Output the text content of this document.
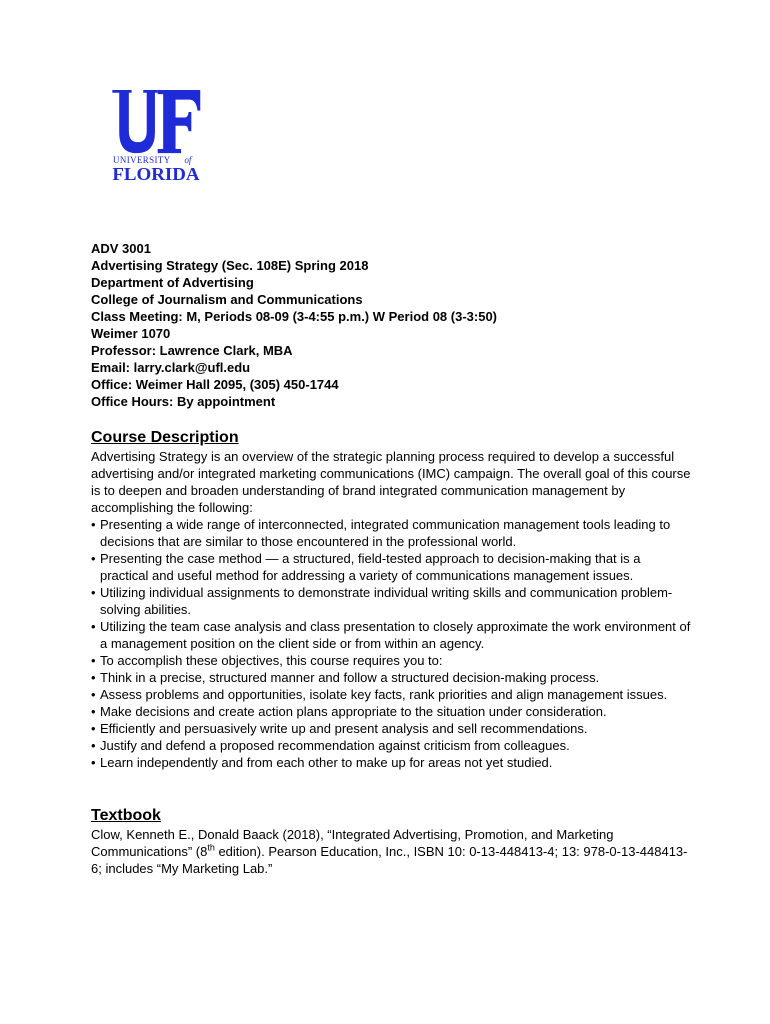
UNIVERSITY of
FLORIDA
ADV 3001
Advertising Strategy (Sec. 108E) Spring 2018
Department of Advertising
College of Journalism and Communications
Class Meeting: M, Periods 08-09 (3-4:55 p.m.) W Period 08 (3-3:50)
Weimer 1070
Professor: Lawrence Clark, MBA
Email: larry.clark@ufl.edu
Office: Weimer Hall 2095, (305) 450-1744
Office Hours: By appointment
Course Description

Advertising Strategy is an overview of the strategic planning process required to develop a successful advertising and/or integrated marketing communications (IMC) campaign. The overall goal of this course is to deepen and broaden understanding of brand integrated communication management by accomplishing the following:

• Presenting a wide range of interconnected, integrated communication management tools leading to decisions that are similar to those encountered in the professional world.
• Presenting the case method — a structured, field-tested approach to decision-making that is a practical and useful method for addressing a variety of communications management issues.
• Utilizing individual assignments to demonstrate individual writing skills and communication problem-solving abilities.
• Utilizing the team case analysis and class presentation to closely approximate the work environment of a management position on the client side or from within an agency.
• To accomplish these objectives, this course requires you to:
• Think in a precise, structured manner and follow a structured decision-making process.
• Assess problems and opportunities, isolate key facts, rank priorities and align management issues.
• Make decisions and create action plans appropriate to the situation under consideration.
• Efficiently and persuasively write up and present analysis and sell recommendations.
• Justify and defend a proposed recommendation against criticism from colleagues.
• Learn independently and from each other to make up for areas not yet studied.
Textbook

Clow, Kenneth E., Donald Baack (2018), “Integrated Advertising, Promotion, and Marketing Communications” (8th edition). Pearson Education, Inc., ISBN 10: 0-13-448413-4; 13: 978-0-13-448413-6; includes “My Marketing Lab.”
